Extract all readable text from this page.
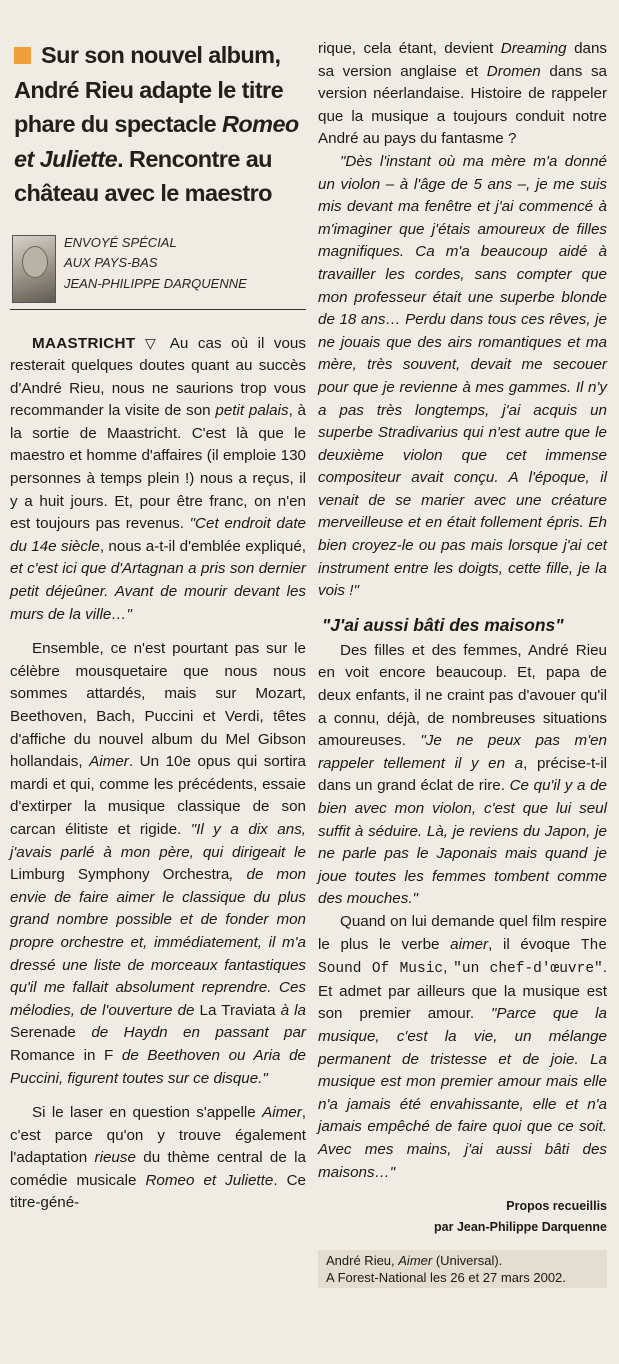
Sur son nouvel album,
André Rieu adapte le titre
phare du spectacle Romeo
et Juliette. Rencontre au
château avec le maestro
ENVOYÉ SPÉCIAL
AUX PAYS-BAS
JEAN-PHILIPPE DARQUENNE

MAASTRICHT ▽ Au cas où il vous resterait quelques doutes quant au succès d'André Rieu, nous ne saurions trop vous recommander la visite de son petit palais, à la sortie de Maastricht. C'est là que le maestro et homme d'affaires (il emploie 130 personnes à temps plein !) nous a reçus, il y a huit jours. Et, pour être franc, on n'en est toujours pas revenus. "Cet endroit date du 14e siècle, nous a-t-il d'emblée expliqué, et c'est ici que d'Artagnan a pris son dernier petit déjeûner. Avant de mourir devant les murs de la ville…"

Ensemble, ce n'est pourtant pas sur le célèbre mousquetaire que nous nous sommes attardés, mais sur Mozart, Beethoven, Bach, Puccini et Verdi, têtes d'affiche du nouvel album du Mel Gibson hollandais, Aimer. Un 10e opus qui sortira mardi et qui, comme les précédents, essaie d'extirper la musique classique de son carcan élitiste et rigide. "Il y a dix ans, j'avais parlé à mon père, qui dirigeait le Limburg Symphony Orchestra, de mon envie de faire aimer le classique du plus grand nombre possible et de fonder mon propre orchestre et, immédiatement, il m'a dressé une liste de morceaux fantastiques qu'il me fallait absolument reprendre. Ces mélodies, de l'ouverture de La Traviata à la Serenade de Haydn en passant par Romance in F de Beethoven ou Aria de Puccini, figurent toutes sur ce disque."

Si le laser en question s'appelle Aimer, c'est parce qu'on y trouve également l'adaptation rieuse du thème central de la comédie musicale Romeo et Juliette. Ce titre-géné-

rique, cela étant, devient Dreaming dans sa version anglaise et Dromen dans sa version néerlandaise. Histoire de rappeler que la musique a toujours conduit notre André au pays du fantasme ?

"Dès l'instant où ma mère m'a donné un violon – à l'âge de 5 ans –, je me suis mis devant ma fenêtre et j'ai commencé à m'imaginer que j'étais amoureux de filles magnifiques. Ca m'a beaucoup aidé à travailler les cordes, sans compter que mon professeur était une superbe blonde de 18 ans… Perdu dans tous ces rêves, je ne jouais que des airs romantiques et ma mère, très souvent, devait me secouer pour que je revienne à mes gammes. Il n'y a pas très longtemps, j'ai acquis un superbe Stradivarius qui n'est autre que le deuxième violon que cet immense compositeur avait conçu. A l'époque, il venait de se marier avec une créature merveilleuse et en était follement épris. Eh bien croyez-le ou pas mais lorsque j'ai cet instrument entre les doigts, cette fille, je la vois !"

"J'ai aussi bâti des maisons"

Des filles et des femmes, André Rieu en voit encore beaucoup. Et, papa de deux enfants, il ne craint pas d'avouer qu'il a connu, déjà, de nombreuses situations amoureuses. "Je ne peux pas m'en rappeler tellement il y en a, précise-t-il dans un grand éclat de rire. Ce qu'il y a de bien avec mon violon, c'est que lui seul suffit à séduire. Là, je reviens du Japon, je ne parle pas le Japonais mais quand je joue toutes les femmes tombent comme des mouches."

Quand on lui demande quel film respire le plus le verbe aimer, il évoque The Sound Of Music, "un chef-d'œuvre". Et admet par ailleurs que la musique est son premier amour. "Parce que la musique, c'est la vie, un mélange permanent de tristesse et de joie. La musique est mon premier amour mais elle n'a jamais été envahissante, elle et n'a jamais empêché de faire quoi que ce soit. Avec mes mains, j'ai aussi bâti des maisons…"

Propos recueillis
par Jean-Philippe Darquenne
André Rieu, Aimer (Universal).
A Forest-National les 26 et 27 mars 2002.
